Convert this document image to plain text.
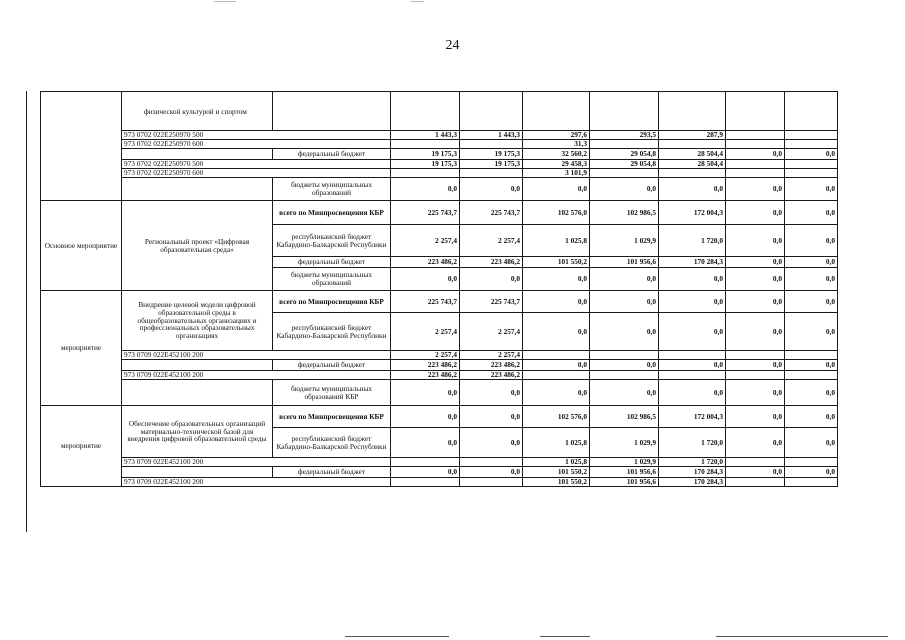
24
	физической культурой и спортом								
	973 0702 022E250970 500		1 443,3	1 443,3	297,6	293,5	287,9		
	973 0702 022E250970 600				31,3				
		федеральный бюджет	19 175,3	19 175,3	32 560,2	29 054,8	28 504,4	0,0	0,0
	973 0702 022E250970 500		19 175,3	19 175,3	29 458,3	29 054,8	28 504,4		
	973 0702 022E250970 600				3 101,9				
		бюджеты муниципальных образований	0,0	0,0	0,0	0,0	0,0	0,0	0,0
Основное мероприятие	Региональный проект «Цифровая образовательная среда»	всего по Минпросвещения КБР	225 743,7	225 743,7	102 576,0	102 986,5	172 004,3	0,0	0,0
		республиканский бюджет Кабардино-Балкарской Республики	2 257,4	2 257,4	1 025,8	1 029,9	1 720,0	0,0	0,0
		федеральный бюджет	223 486,2	223 486,2	101 550,2	101 956,6	170 284,3	0,0	0,0
		бюджеты муниципальных образований	0,0	0,0	0,0	0,0	0,0	0,0	0,0
мероприятие	Внедрение целевой модели цифровой образовательной среды в общеобразовательных организациях и профессиональных образовательных организациях	всего по Минпросвещения КБР	225 743,7	225 743,7	0,0	0,0	0,0	0,0	0,0
		республиканский бюджет Кабардино-Балкарской Республики	2 257,4	2 257,4	0,0	0,0	0,0	0,0	0,0
	973 0709 022E452100 200		2 257,4	2 257,4					
		федеральный бюджет	223 486,2	223 486,2	0,0	0,0	0,0	0,0	0,0
	973 0709 022E452100 200		223 486,2	223 486,2					
		бюджеты муниципальных образований КБР	0,0	0,0	0,0	0,0	0,0	0,0	0,0
мероприятие	Обеспечение образовательных организаций материально-технической базой для внедрения цифровой образовательной среды	всего по Минпросвещения КБР	0,0	0,0	102 576,0	102 986,5	172 004,3	0,0	0,0
		республиканский бюджет Кабардино-Балкарской Республики	0,0	0,0	1 025,8	1 029,9	1 720,0	0,0	0,0
	973 0709 022E452100 200				1 025,8	1 029,9	1 720,0		
		федеральный бюджет	0,0	0,0	101 550,2	101 956,6	170 284,3	0,0	0,0
	973 0709 022E452100 200				101 550,2	101 956,6	170 284,3		
